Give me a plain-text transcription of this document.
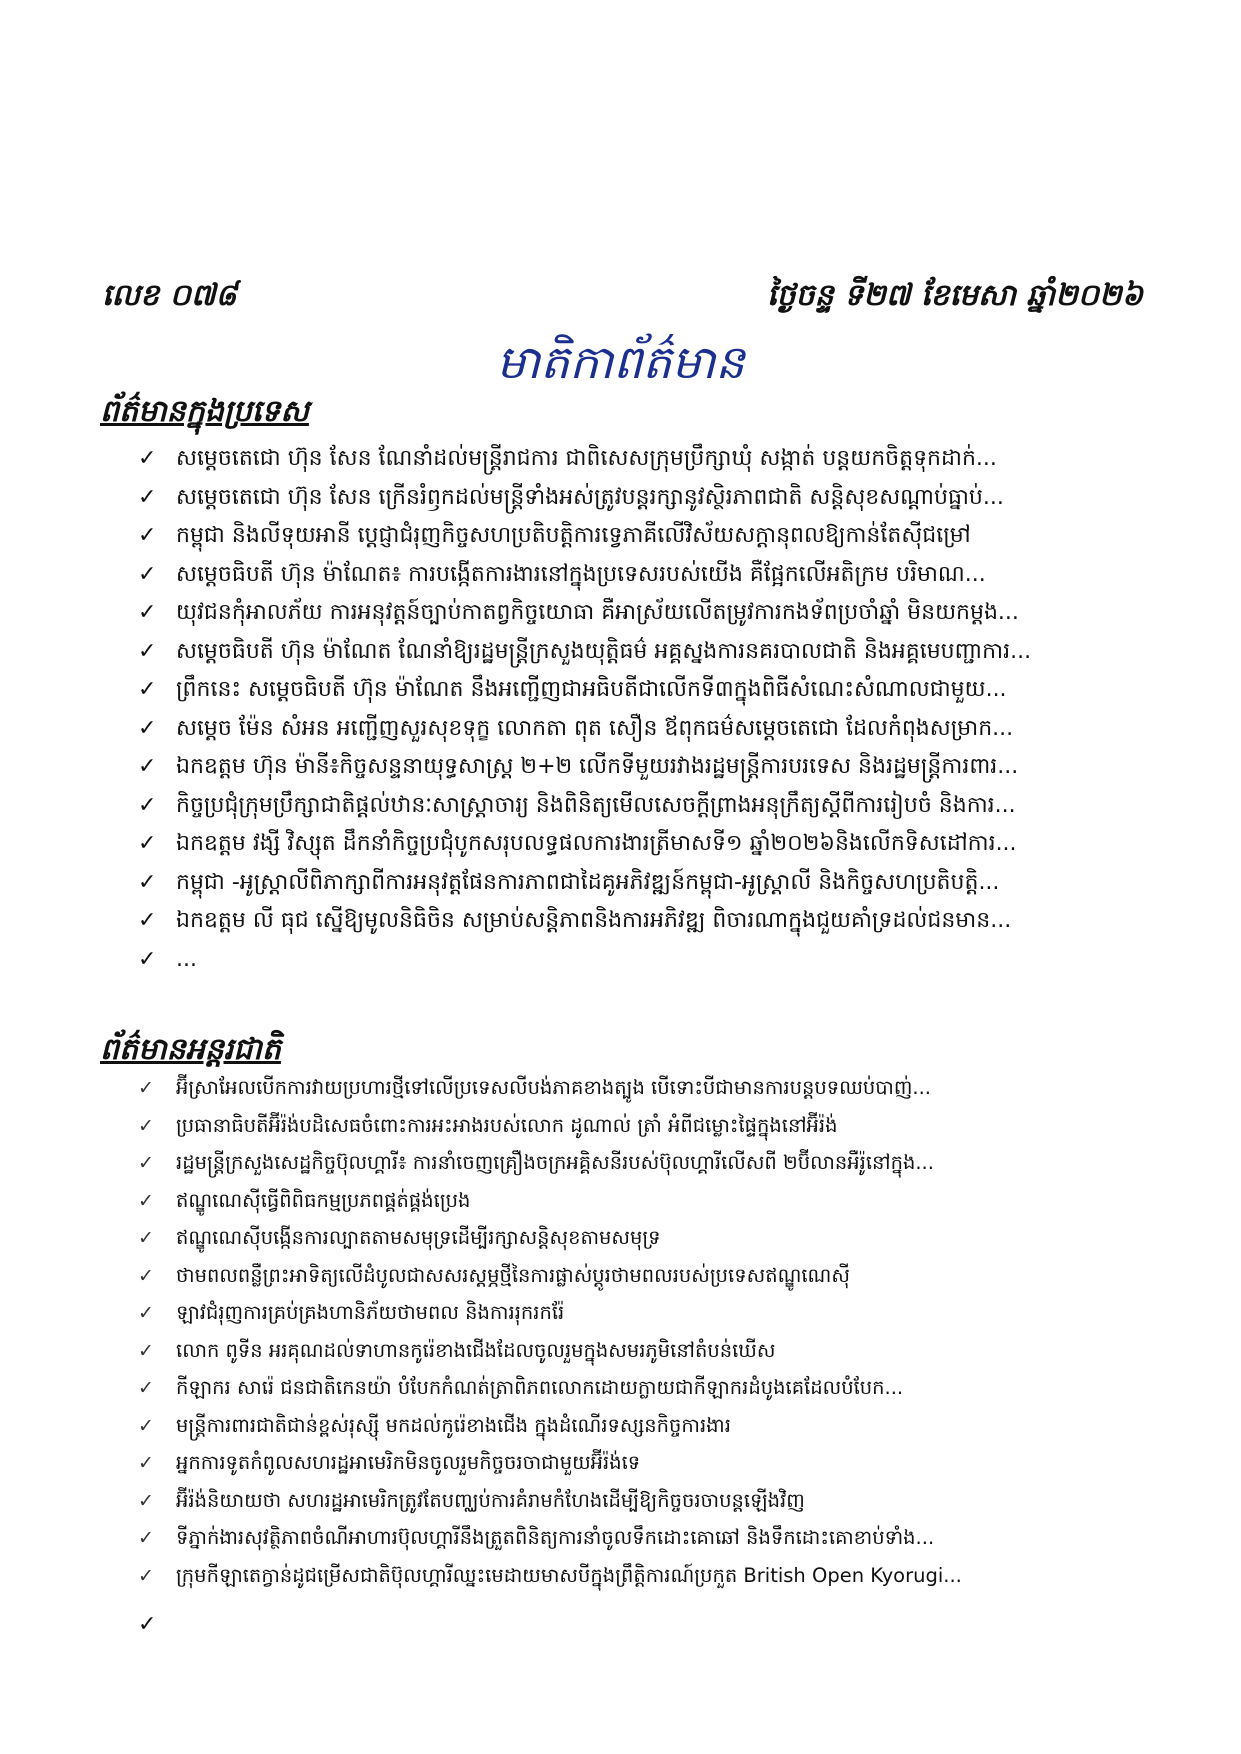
លេខ ០៧៨	ថ្ងៃចន្ទ ទី២៧ ខែមេសា ឆ្នាំ២០២៦
មាតិកាព័ត៌មាន
ព័ត៌មានក្នុងប្រទេស
✓ សម្តេចតេជោ ហ៊ុន សែន ណែនាំដល់មន្ត្រីរាជការ ជាពិសេសក្រុមប្រឹក្សាឃុំ សង្កាត់ បន្តយកចិត្តទុកដាក់...
✓ សម្តេចតេជោ ហ៊ុន សែន ក្រើនរំឭកដល់មន្ត្រីទាំងអស់ត្រូវបន្តរក្សានូវស្ថិរភាពជាតិ សន្តិសុខសណ្តាប់ធ្នាប់...
✓ កម្ពុជា និងលីទុយអានី ប្តេជ្ញាជំរុញកិច្ចសហប្រតិបត្តិការទ្វេភាគីលើវិស័យសក្តានុពលឱ្យកាន់តែស៊ីជម្រៅ
✓ សម្តេចធិបតី ហ៊ុន ម៉ាណែត៖ ការបង្កើតការងារនៅក្នុងប្រទេសរបស់យើង គឺផ្អែកលើអតិក្រម បរិមាណ...
✓ យុវជនកុំអាលភ័យ ការអនុវត្តន៍ច្បាប់កាតព្វកិច្ចយោធា គឺអាស្រ័យលើតម្រូវការកងទ័ពប្រចាំឆ្នាំ មិនយកម្តង...
✓ សម្តេចធិបតី ហ៊ុន ម៉ាណែត ណែនាំឱ្យរដ្ឋមន្ត្រីក្រសួងយុត្តិធម៌ អគ្គស្នងការនគរបាលជាតិ និងអគ្គមេបញ្ជាការ...
✓ ព្រឹកនេះ សម្តេចធិបតី ហ៊ុន ម៉ាណែត នឹងអញ្ជើញជាអធិបតីជាលើកទី៣ក្នុងពិធីសំណេះសំណាលជាមួយ...
✓ សម្តេច ម៉ែន សំអន អញ្ជើញសួរសុខទុក្ខ លោកតា ពុត សឿន ឪពុកធម៌សម្តេចតេជោ ដែលកំពុងសម្រាក...
✓ ឯកឧត្តម ហ៊ុន ម៉ានី៖កិច្ចសន្ទនាយុទ្ធសាស្ត្រ ២+២ លើកទីមួយរវាងរដ្ឋមន្ត្រីការបរទេស និងរដ្ឋមន្ត្រីការពារ...
✓ កិច្ចប្រជុំក្រុមប្រឹក្សាជាតិផ្តល់ឋានៈសាស្ត្រាចារ្យ និងពិនិត្យមើលសេចក្តីព្រាងអនុក្រឹត្យស្តីពីការរៀបចំ និងការ...
✓ ឯកឧត្តម វង្សី វិស្សុត ដឹកនាំកិច្ចប្រជុំបូកសរុបលទ្ធផលការងារត្រីមាសទី១ ឆ្នាំ២០២៦និងលើកទិសដៅការ...
✓ កម្ពុជា -អូស្ត្រាលីពិភាក្សាពីការអនុវត្តផែនការភាពជាដៃគូអភិវឌ្ឍន៍កម្ពុជា-អូស្ត្រាលី និងកិច្ចសហប្រតិបត្តិ...
✓ ឯកឧត្តម លី ធុជ ស្នើឱ្យមូលនិធិចិន សម្រាប់សន្តិភាពនិងការអភិវឌ្ឍ ពិចារណាក្នុងជួយគាំទ្រដល់ជនមាន...
✓ ...
ព័ត៌មានអន្តរជាតិ
✓	អ៊ីស្រាអែលបើកការវាយប្រហារថ្មីទៅលើប្រទេសលីបង់ភាគខាងត្បូង បើទោះបីជាមានការបន្តបទឈប់បាញ់...
✓	ប្រធានាធិបតីអ៊ីរ៉ង់បដិសេធចំពោះការអះអាងរបស់លោក ដូណាល់ ត្រាំ អំពីជម្លោះផ្ទៃក្នុងនៅអ៊ីរ៉ង់
✓	រដ្ឋមន្ត្រីក្រសួងសេដ្ឋកិច្ចប៊ុលហ្គារី៖ ការនាំចេញគ្រឿងចក្រអគ្គិសនីរបស់ប៊ុលហ្គារីលើសពី ២ប៊ីលានអឺរ៉ូនៅក្នុង...
✓	ឥណ្ឌូណេស៊ីធ្វើពិពិធកម្មប្រភពផ្គត់ផ្គង់ប្រេង
✓	ឥណ្ឌូណេស៊ីបង្កើនការល្បាតតាមសមុទ្រដើម្បីរក្សាសន្តិសុខតាមសមុទ្រ
✓	ថាមពលពន្លឺព្រះអាទិត្យលើដំបូលជាសសរស្តម្ភថ្មីនៃការផ្លាស់ប្តូរថាមពលរបស់ប្រទេសឥណ្ឌូណេស៊ី
✓	ឡាវជំរុញការគ្រប់គ្រងហានិភ័យថាមពល និងការរុករករ៉ែ
✓	លោក ពូទីន អរគុណដល់ទាហានកូរ៉េខាងជើងដែលចូលរួមក្នុងសមរភូមិនៅតំបន់ឃើស
✓	កីឡាករ សារ៉េ ជនជាតិកេនយ៉ា បំបែកកំណត់ត្រាពិភពលោកដោយក្លាយជាកីឡាករដំបូងគេដែលបំបែក...
✓	មន្ត្រីការពារជាតិជាន់ខ្ពស់រុស្ស៊ី មកដល់កូរ៉េខាងជើង ក្នុងដំណើរទស្សនកិច្ចការងារ
✓	អ្នកការទូតកំពូលសហរដ្ឋអាមេរិកមិនចូលរួមកិច្ចចរចាជាមួយអ៊ីរ៉ង់ទេ
✓	អ៊ីរ៉ង់និយាយថា សហរដ្ឋអាមេរិកត្រូវតែបញ្ឈប់ការគំរាមកំហែងដើម្បីឱ្យកិច្ចចរចាបន្តឡើងវិញ
✓	ទីភ្នាក់ងារសុវត្ថិភាពចំណីអាហារប៊ុលហ្គារីនឹងត្រួតពិនិត្យការនាំចូលទឹកដោះគោឆៅ និងទឹកដោះគោខាប់ទាំង...
✓	ក្រុមកីឡាតេក្វាន់ដូជម្រើសជាតិប៊ុលហ្គារីឈ្នះមេដាយមាសបីក្នុងព្រឹត្តិការណ៍ប្រកួត British Open Kyorugi...
✓
